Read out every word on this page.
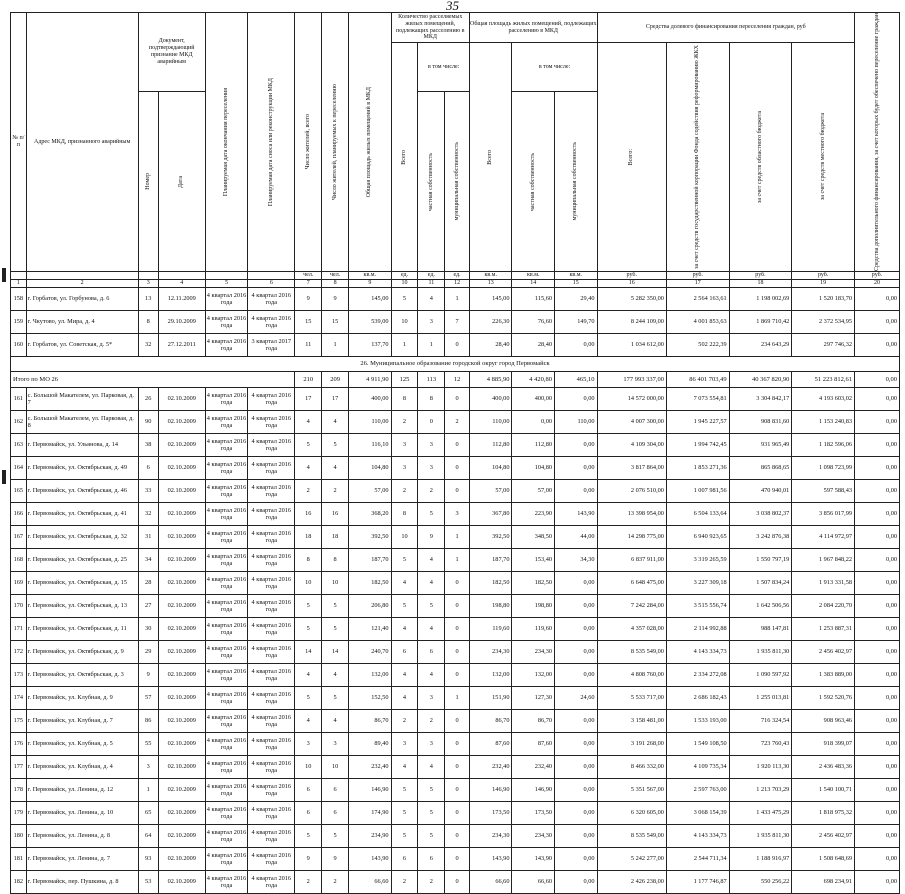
35
№ п/п	Адрес МКД, признанного аварийным	Документ, подтверждающий признание МКД аварийным		Планируемая дата окончания переселения	Планируемая дата сноса или реконструкции МКД	Число жителей, всего	Число жителей, планируемых к переселению	Общая площадь жилых помещений в МКД	Количество расселяемых жилых помещений, подлежащих расселению в МКД			Общая площадь жилых помещений, подлежащих расселению в МКД			Средства долевого финансирования переселения граждан, руб				Средства дополнительного финансирования, за счет которых будет обеспечено переселение граждан

									Всего	в том числе:		Всего	в том числе:		Всего:	за счет средств государственной корпорации Фонда содействия реформированию ЖКХ	за счет средств областного бюджета	за счет средств местного бюджета	

		Номер	Дата							частная собственность	муниципальная собственность		частная собственность	муниципальная собственность					

						чел.	чел.	кв.м.	ед.	ед.	ед.	кв.м.	кв.м.	кв.м.	руб.	руб.	руб.	руб.	руб.
1	2	3	4	5	6	7	8	9	10	11	12	13	14	15	16	17	18	19	20
158	г. Горбатов, ул. Горбунова, д. 6	13	12.11.2009	4 квартал 2016 года	4 квартал 2016 года	9	9	145,00	5	4	1	145,00	115,60	29,40	5 282 350,00	2 564 163,61	1 198 002,69	1 520 183,70	0,00
159	г. Чкутово, ул. Мира, д. 4	8	29.10.2009	4 квартал 2016 года	4 квартал 2016 года	15	15	539,00	10	3	7	226,30	76,60	149,70	8 244 109,00	4 001 853,63	1 869 710,42	2 372 534,95	0,00
160	г. Горбатов, ул. Советская, д. 5*	32	27.12.2011	4 квартал 2016 года	3 квартал 2017 года	11	1	137,70	1	1	0	28,40	28,40	0,00	1 034 612,00	502 222,39	234 643,29	297 746,32	0,00
26. Муниципальное образование городской округ город Первомайск																			
Итого по МО 26						210	209	4 911,90	125	113	12	4 885,90	4 420,80	465,10	177 993 337,00	86 401 703,49	40 367 820,90	51 223 812,61	0,00
161	с. Большой Макателем, ул. Парковая, д. 7	26	02.10.2009	4 квартал 2016 года	4 квартал 2016 года	17	17	400,00	8	8	0	400,00	400,00	0,00	14 572 000,00	7 073 554,81	3 304 842,17	4 193 603,02	0,00
162	с. Большой Макателем, ул. Парковая, д. 8	90	02.10.2009	4 квартал 2016 года	4 квартал 2016 года	4	4	110,00	2	0	2	110,00	0,00	110,00	4 007 300,00	1 945 227,57	908 831,60	1 153 240,83	0,00
163	г. Первомайск, ул. Ульянова, д. 14	38	02.10.2009	4 квартал 2016 года	4 квартал 2016 года	5	5	116,10	3	3	0	112,80	112,80	0,00	4 109 304,00	1 994 742,45	931 965,49	1 182 596,06	0,00
164	г. Первомайск, ул. Октябрьская, д. 49	6	02.10.2009	4 квартал 2016 года	4 квартал 2016 года	4	4	104,80	3	3	0	104,80	104,80	0,00	3 817 864,00	1 853 271,36	865 868,65	1 098 723,99	0,00
165	г. Первомайск, ул. Октябрьская, д. 46	33	02.10.2009	4 квартал 2016 года	4 квартал 2016 года	2	2	57,00	2	2	0	57,00	57,00	0,00	2 076 510,00	1 007 981,56	470 940,01	597 588,43	0,00
166	г. Первомайск, ул. Октябрьская, д. 41	32	02.10.2009	4 квартал 2016 года	4 квартал 2016 года	16	16	368,20	8	5	3	367,80	223,90	143,90	13 398 954,00	6 504 133,64	3 038 802,37	3 856 017,99	0,00
167	г. Первомайск, ул. Октябрьская, д. 32	31	02.10.2009	4 квартал 2016 года	4 квартал 2016 года	18	18	392,50	10	9	1	392,50	348,50	44,00	14 298 775,00	6 940 923,65	3 242 876,38	4 114 972,97	0,00
168	г. Первомайск, ул. Октябрьская, д. 25	34	02.10.2009	4 квартал 2016 года	4 квартал 2016 года	8	8	187,70	5	4	1	187,70	153,40	34,30	6 837 911,00	3 319 265,59	1 550 797,19	1 967 848,22	0,00
169	г. Первомайск, ул. Октябрьская, д. 15	28	02.10.2009	4 квартал 2016 года	4 квартал 2016 года	10	10	182,50	4	4	0	182,50	182,50	0,00	6 648 475,00	3 227 309,18	1 507 834,24	1 913 331,58	0,00
170	г. Первомайск, ул. Октябрьская, д. 13	27	02.10.2009	4 квартал 2016 года	4 квартал 2016 года	5	5	206,80	5	5	0	198,80	198,80	0,00	7 242 284,00	3 515 556,74	1 642 506,56	2 084 220,70	0,00
171	г. Первомайск, ул. Октябрьская, д. 11	30	02.10.2009	4 квартал 2016 года	4 квартал 2016 года	5	5	121,40	4	4	0	119,60	119,60	0,00	4 357 028,00	2 114 992,88	988 147,81	1 253 887,31	0,00
172	г. Первомайск, ул. Октябрьская, д. 9	29	02.10.2009	4 квартал 2016 года	4 квартал 2016 года	14	14	240,70	6	6	0	234,30	234,30	0,00	8 535 549,00	4 143 334,73	1 935 811,30	2 456 402,97	0,00
173	г. Первомайск, ул. Октябрьская, д. 3	9	02.10.2009	4 квартал 2016 года	4 квартал 2016 года	4	4	132,00	4	4	0	132,00	132,00	0,00	4 808 760,00	2 334 272,08	1 090 597,92	1 383 889,00	0,00
174	г. Первомайск, ул. Клубная, д. 9	57	02.10.2009	4 квартал 2016 года	4 квартал 2016 года	5	5	152,50	4	3	1	151,90	127,30	24,60	5 533 717,00	2 686 182,43	1 255 013,81	1 592 520,76	0,00
175	г. Первомайск, ул. Клубная, д. 7	86	02.10.2009	4 квартал 2016 года	4 квартал 2016 года	4	4	86,70	2	2	0	86,70	86,70	0,00	3 158 481,00	1 533 193,00	716 324,54	908 963,46	0,00
176	г. Первомайск, ул. Клубная, д. 5	55	02.10.2009	4 квартал 2016 года	4 квартал 2016 года	3	3	89,40	3	3	0	87,60	87,60	0,00	3 191 268,00	1 549 108,50	723 760,43	918 399,07	0,00
177	г. Первомайск, ул. Клубная, д. 4	3	02.10.2009	4 квартал 2016 года	4 квартал 2016 года	10	10	232,40	4	4	0	232,40	232,40	0,00	8 466 332,00	4 109 735,34	1 920 113,30	2 436 483,36	0,00
178	г. Первомайск, ул. Ленина, д. 12	1	02.10.2009	4 квартал 2016 года	4 квартал 2016 года	6	6	146,90	5	5	0	146,90	146,90	0,00	5 351 567,00	2 597 763,00	1 213 703,29	1 540 100,71	0,00
179	г. Первомайск, ул. Ленина, д. 10	65	02.10.2009	4 квартал 2016 года	4 квартал 2016 года	6	6	174,90	5	5	0	173,50	173,50	0,00	6 320 605,00	3 068 154,39	1 433 475,29	1 818 975,32	0,00
180	г. Первомайск, ул. Ленина, д. 8	64	02.10.2009	4 квартал 2016 года	4 квартал 2016 года	5	5	234,90	5	5	0	234,30	234,30	0,00	8 535 549,00	4 143 334,73	1 935 811,30	2 456 402,97	0,00
181	г. Первомайск, ул. Ленина, д. 7	93	02.10.2009	4 квартал 2016 года	4 квартал 2016 года	9	9	143,90	6	6	0	143,90	143,90	0,00	5 242 277,00	2 544 711,34	1 188 916,97	1 508 648,69	0,00
182	г. Первомайск, пер. Пушкина, д. 8	53	02.10.2009	4 квартал 2016 года	4 квартал 2016 года	2	2	66,60	2	2	0	66,60	66,60	0,00	2 426 238,00	1 177 746,87	550 256,22	698 234,91	0,00
